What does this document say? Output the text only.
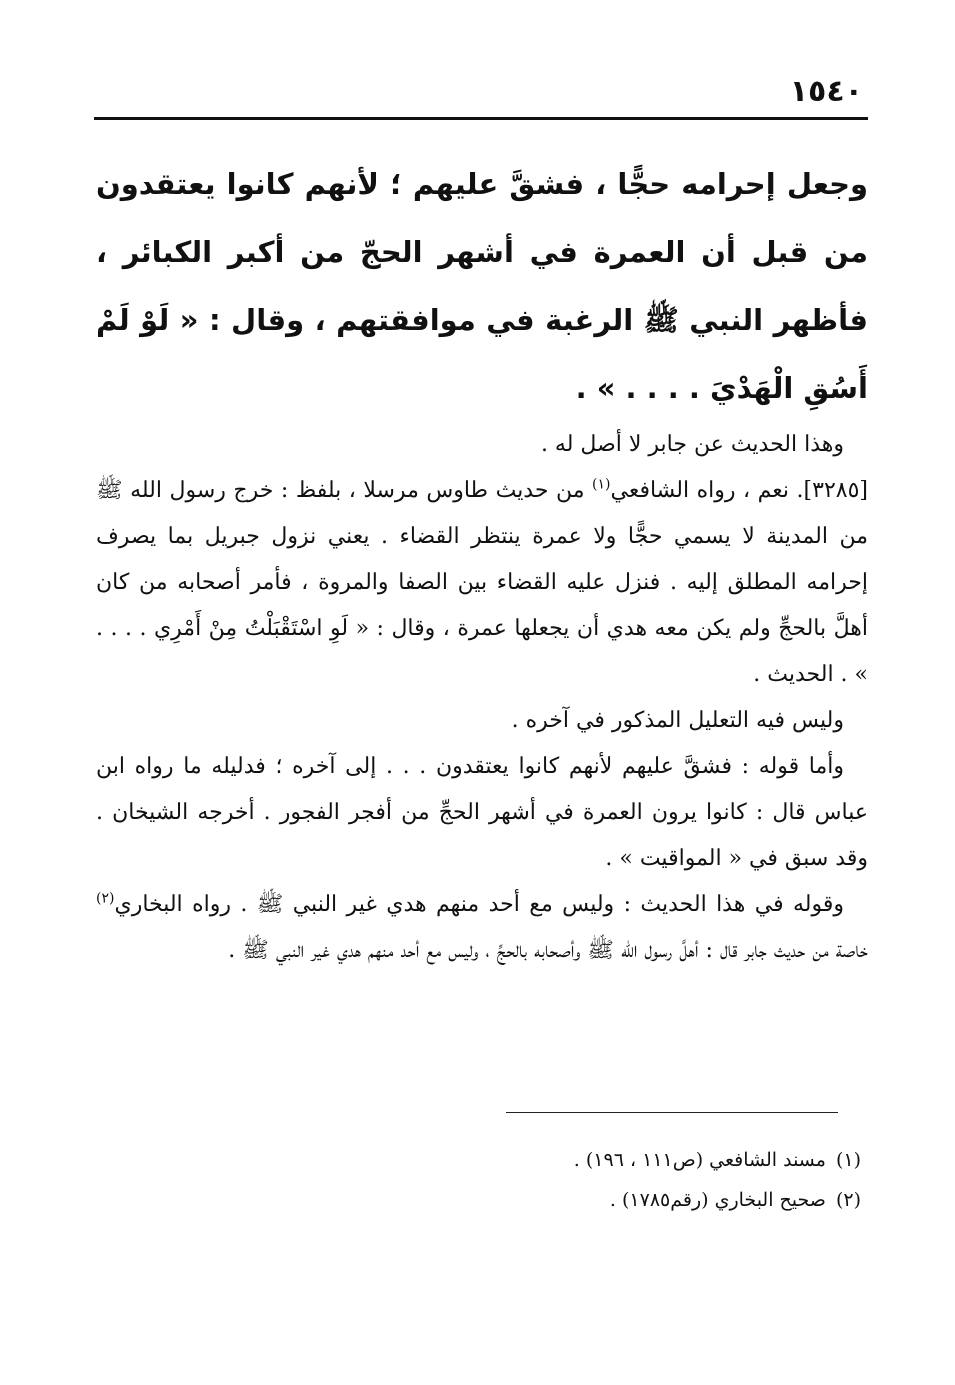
١٥٤٠

وجعل إحرامه حجًّا ، فشقَّ عليهم ؛ لأنهم كانوا يعتقدون من قبل أن العمرة في أشهر الحجّ من أكبر الكبائر ، فأظهر النبي ﷺ الرغبة في موافقتهم ، وقال : « لَوْ لَمْ أَسُقِ الْهَدْيَ . . . . » .

وهذا الحديث عن جابر لا أصل له .

[٣٢٨٥]. نعم ، رواه الشافعي$^{(١)}$ من حديث طاوس مرسلا ، بلفظ : خرج رسول الله ﷺ من المدينة لا يسمي حجًّا ولا عمرة ينتظر القضاء . يعني نزول جبريل بما يصرف إحرامه المطلق إليه . فنزل عليه القضاء بين الصفا والمروة ، فأمر أصحابه من كان أهلَّ بالحجِّ ولم يكن معه هدي أن يجعلها عمرة ، وقال : « لَوِ اسْتَقْبَلْتُ مِنْ أَمْرِي . . . . » . الحديث .

وليس فيه التعليل المذكور في آخره .

وأما قوله : فشقَّ عليهم لأنهم كانوا يعتقدون . . . إلى آخره ؛ فدليله ما رواه ابن عباس قال : كانوا يرون العمرة في أشهر الحجِّ من أفجر الفجور . أخرجه الشيخان . وقد سبق في « المواقيت » .

وقوله في هذا الحديث : وليس مع أحد منهم هدي غير النبي ﷺ . رواه البخاري$^{(٢)}$ خاصة من حديث جابر قال : أهلَّ رسول الله ﷺ وأصحابه بالحجِّ ، وليس مع أحد منهم هدي غير النبي ﷺ .

(١)مسند الشافعي (ص١١١ ، ١٩٦) .

(٢)صحيح البخاري (رقم١٧٨٥) .
